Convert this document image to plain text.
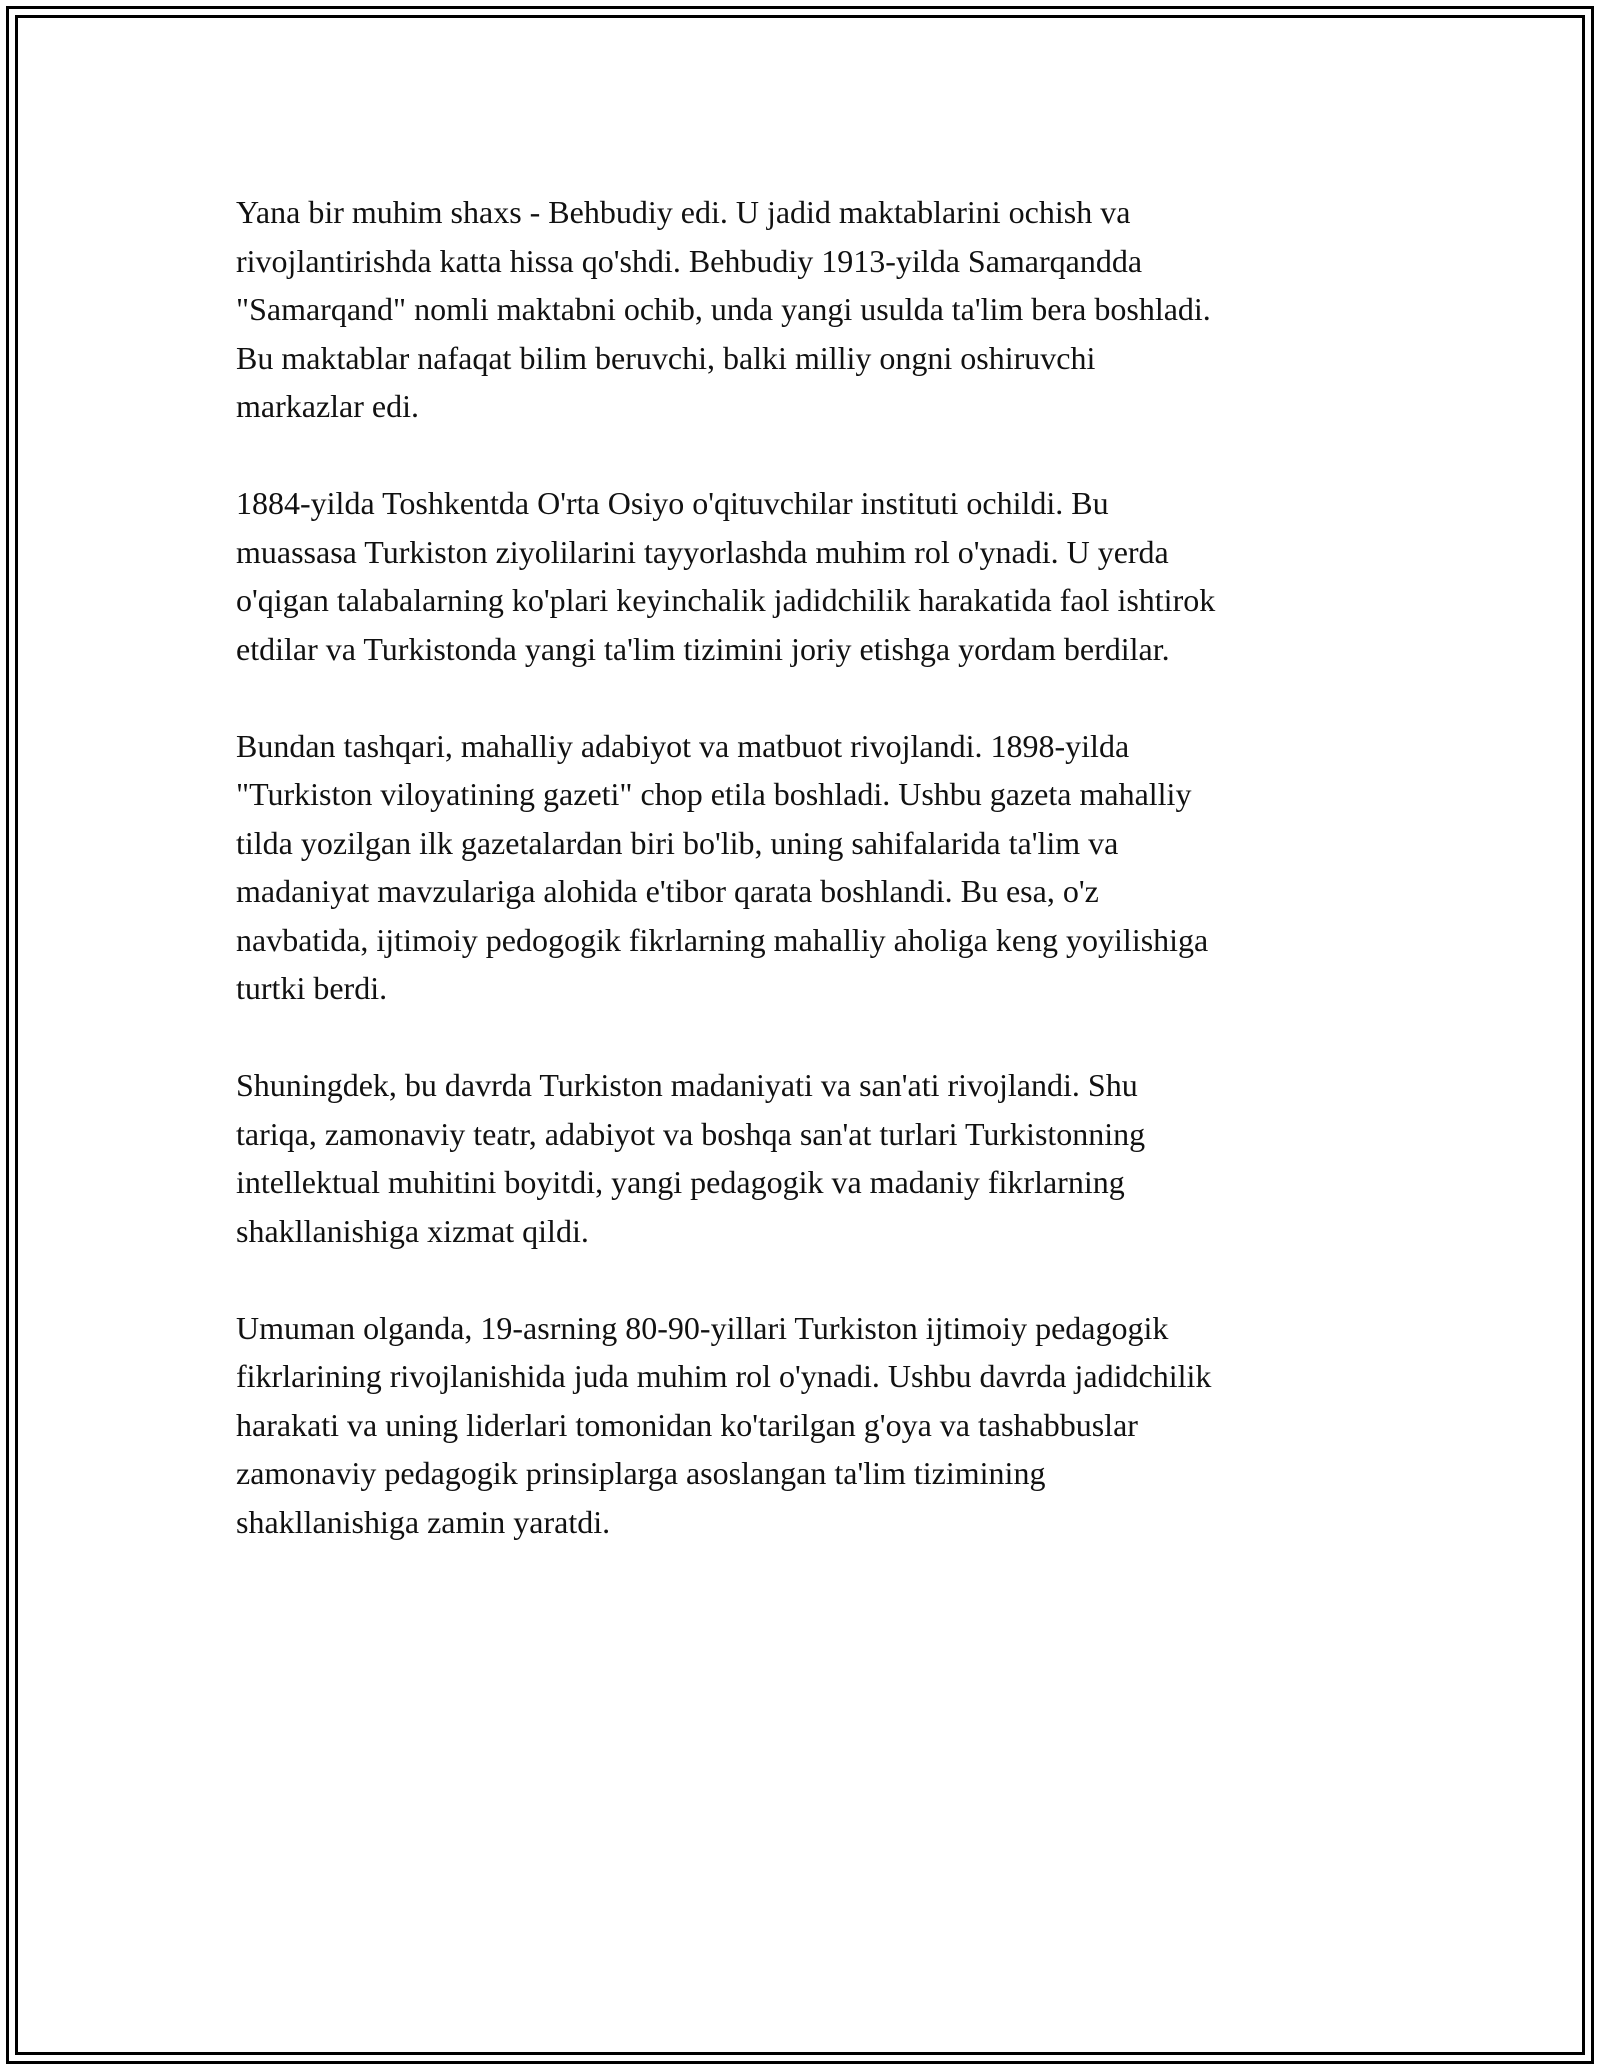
Yana bir muhim shaxs - Behbudiy edi. U jadid maktablarini ochish va
rivojlantirishda katta hissa qo'shdi. Behbudiy 1913-yilda Samarqandda
"Samarqand" nomli maktabni ochib, unda yangi usulda ta'lim bera boshladi.
Bu maktablar nafaqat bilim beruvchi, balki milliy ongni oshiruvchi
markazlar edi.

1884-yilda Toshkentda O'rta Osiyo o'qituvchilar instituti ochildi. Bu
muassasa Turkiston ziyolilarini tayyorlashda muhim rol o'ynadi. U yerda
o'qigan talabalarning ko'plari keyinchalik jadidchilik harakatida faol ishtirok
etdilar va Turkistonda yangi ta'lim tizimini joriy etishga yordam berdilar.

Bundan tashqari, mahalliy adabiyot va matbuot rivojlandi. 1898-yilda
"Turkiston viloyatining gazeti" chop etila boshladi. Ushbu gazeta mahalliy
tilda yozilgan ilk gazetalardan biri bo'lib, uning sahifalarida ta'lim va
madaniyat mavzulariga alohida e'tibor qarata boshlandi. Bu esa, o'z
navbatida, ijtimoiy pedogogik fikrlarning mahalliy aholiga keng yoyilishiga
turtki berdi.

Shuningdek, bu davrda Turkiston madaniyati va san'ati rivojlandi. Shu
tariqa, zamonaviy teatr, adabiyot va boshqa san'at turlari Turkistonning
intellektual muhitini boyitdi, yangi pedagogik va madaniy fikrlarning
shakllanishiga xizmat qildi.

Umuman olganda, 19-asrning 80-90-yillari Turkiston ijtimoiy pedagogik
fikrlarining rivojlanishida juda muhim rol o'ynadi. Ushbu davrda jadidchilik
harakati va uning liderlari tomonidan ko'tarilgan g'oya va tashabbuslar
zamonaviy pedagogik prinsiplarga asoslangan ta'lim tizimining
shakllanishiga zamin yaratdi.
